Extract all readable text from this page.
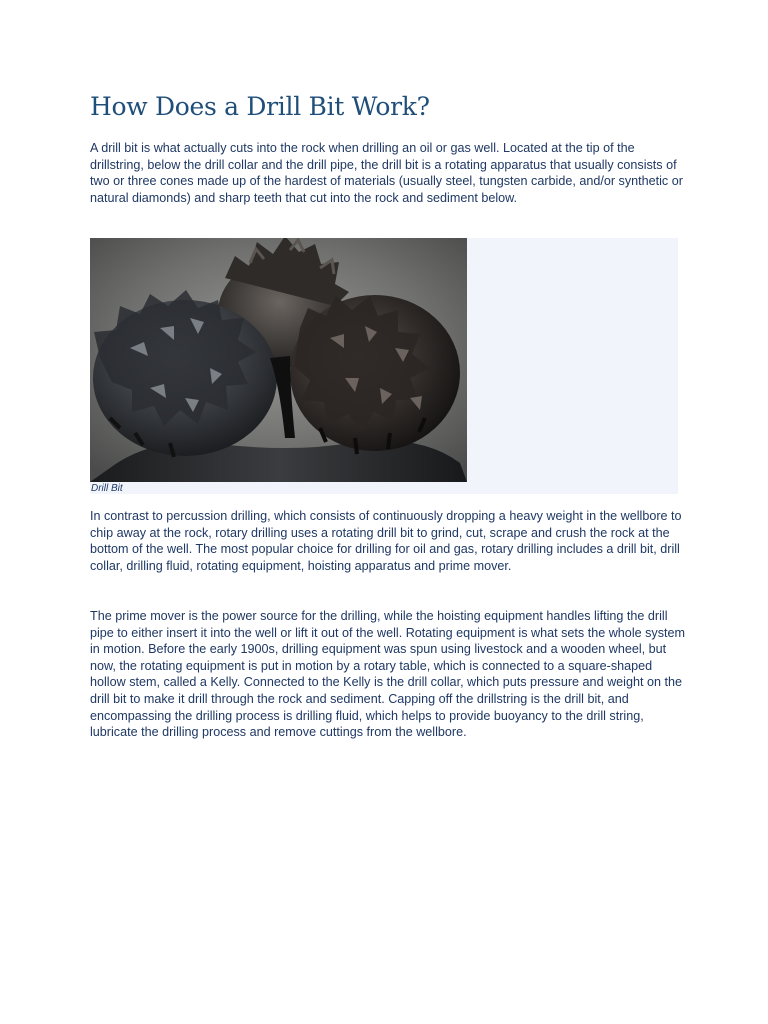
How Does a Drill Bit Work?

A drill bit is what actually cuts into the rock when drilling an oil or gas well. Located at the tip of the drillstring, below the drill collar and the drill pipe, the drill bit is a rotating apparatus that usually consists of two or three cones made up of the hardest of materials (usually steel, tungsten carbide, and/or synthetic or natural diamonds) and sharp teeth that cut into the rock and sediment below.

Drill Bit

In contrast to percussion drilling, which consists of continuously dropping a heavy weight in the wellbore to chip away at the rock, rotary drilling uses a rotating drill bit to grind, cut, scrape and crush the rock at the bottom of the well. The most popular choice for drilling for oil and gas, rotary drilling includes a drill bit, drill collar, drilling fluid, rotating equipment, hoisting apparatus and prime mover.

The prime mover is the power source for the drilling, while the hoisting equipment handles lifting the drill pipe to either insert it into the well or lift it out of the well. Rotating equipment is what sets the whole system in motion. Before the early 1900s, drilling equipment was spun using livestock and a wooden wheel, but now, the rotating equipment is put in motion by a rotary table, which is connected to a square-shaped hollow stem, called a Kelly. Connected to the Kelly is the drill collar, which puts pressure and weight on the drill bit to make it drill through the rock and sediment. Capping off the drillstring is the drill bit, and encompassing the drilling process is drilling fluid, which helps to provide buoyancy to the drill string, lubricate the drilling process and remove cuttings from the wellbore.
